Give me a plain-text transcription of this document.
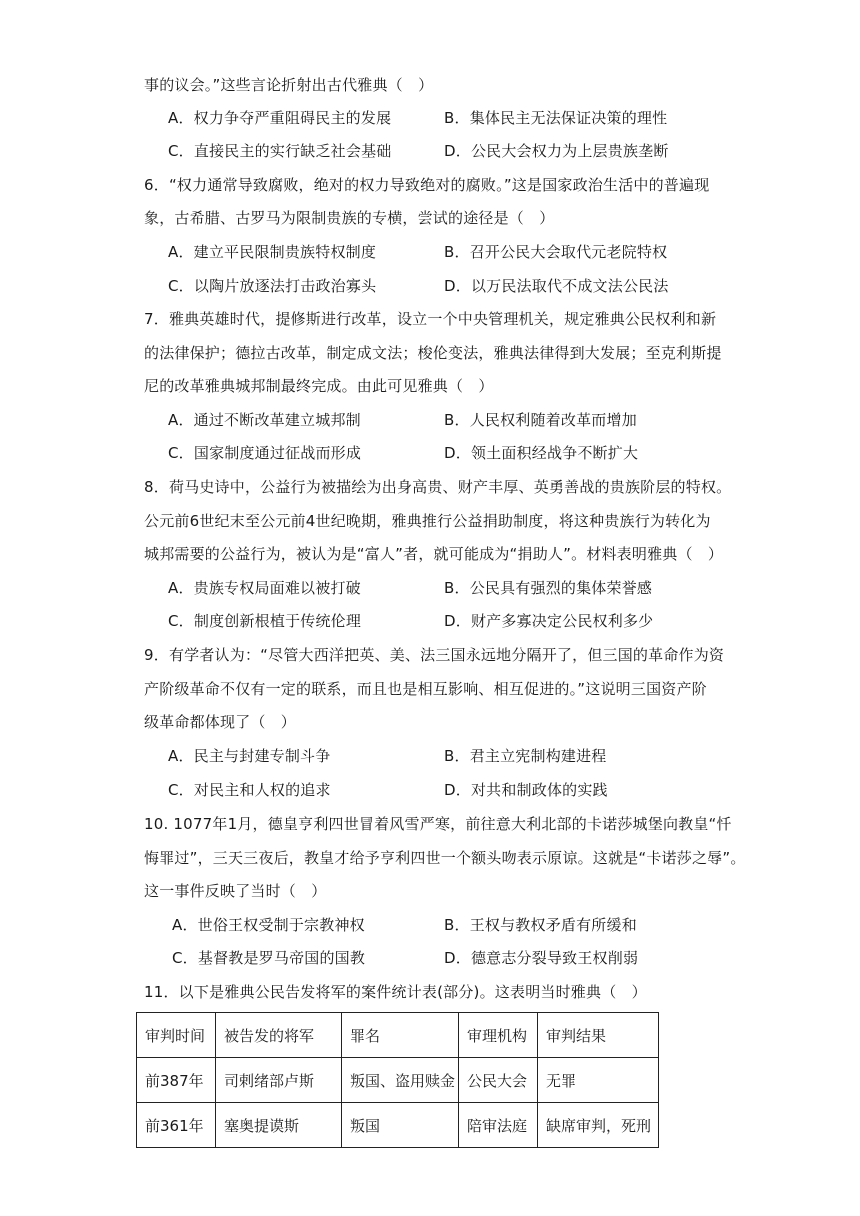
事的议会。”这些言论折射出古代雅典（　）
A．权力争夺严重阻碍民主的发展	B．集体民主无法保证决策的理性
C．直接民主的实行缺乏社会基础	D．公民大会权力为上层贵族垄断
6．“权力通常导致腐败，绝对的权力导致绝对的腐败。”这是国家政治生活中的普遍现
象，古希腊、古罗马为限制贵族的专横，尝试的途径是（　）
A．建立平民限制贵族特权制度	B．召开公民大会取代元老院特权
C．以陶片放逐法打击政治寡头	D．以万民法取代不成文法公民法
7．雅典英雄时代，提修斯进行改革，设立一个中央管理机关，规定雅典公民权利和新
的法律保护；德拉古改革，制定成文法；梭伦变法，雅典法律得到大发展；至克利斯提
尼的改革雅典城邦制最终完成。由此可见雅典（　）
A．通过不断改革建立城邦制	B．人民权利随着改革而增加
C．国家制度通过征战而形成	D．领土面积经战争不断扩大
8．荷马史诗中，公益行为被描绘为出身高贵、财产丰厚、英勇善战的贵族阶层的特权。
公元前6世纪末至公元前4世纪晚期，雅典推行公益捐助制度，将这种贵族行为转化为
城邦需要的公益行为，被认为是“富人”者，就可能成为“捐助人”。材料表明雅典（　）
A．贵族专权局面难以被打破	B．公民具有强烈的集体荣誉感
C．制度创新根植于传统伦理	D．财产多寡决定公民权利多少
9．有学者认为：“尽管大西洋把英、美、法三国永远地分隔开了，但三国的革命作为资
产阶级革命不仅有一定的联系，而且也是相互影响、相互促进的。”这说明三国资产阶
级革命都体现了（　）
A．民主与封建专制斗争	B．君主立宪制构建进程
C．对民主和人权的追求	D．对共和制政体的实践
10. 1077年1月，德皇亨利四世冒着风雪严寒，前往意大利北部的卡诺莎城堡向教皇“忏
悔罪过”，三天三夜后，教皇才给予亨利四世一个额头吻表示原谅。这就是“卡诺莎之辱”。
这一事件反映了当时（　）
A．世俗王权受制于宗教神权	B．王权与教权矛盾有所缓和
C．基督教是罗马帝国的国教	D．德意志分裂导致王权削弱
11．以下是雅典公民告发将军的案件统计表(部分)。这表明当时雅典（　）
审判时间	被告发的将军	罪名	审理机构	审判结果
前387年	司剌绪部卢斯	叛国、盗用赎金	公民大会	无罪
前361年	塞奥提谟斯	叛国	陪审法庭	缺席审判，死刑
